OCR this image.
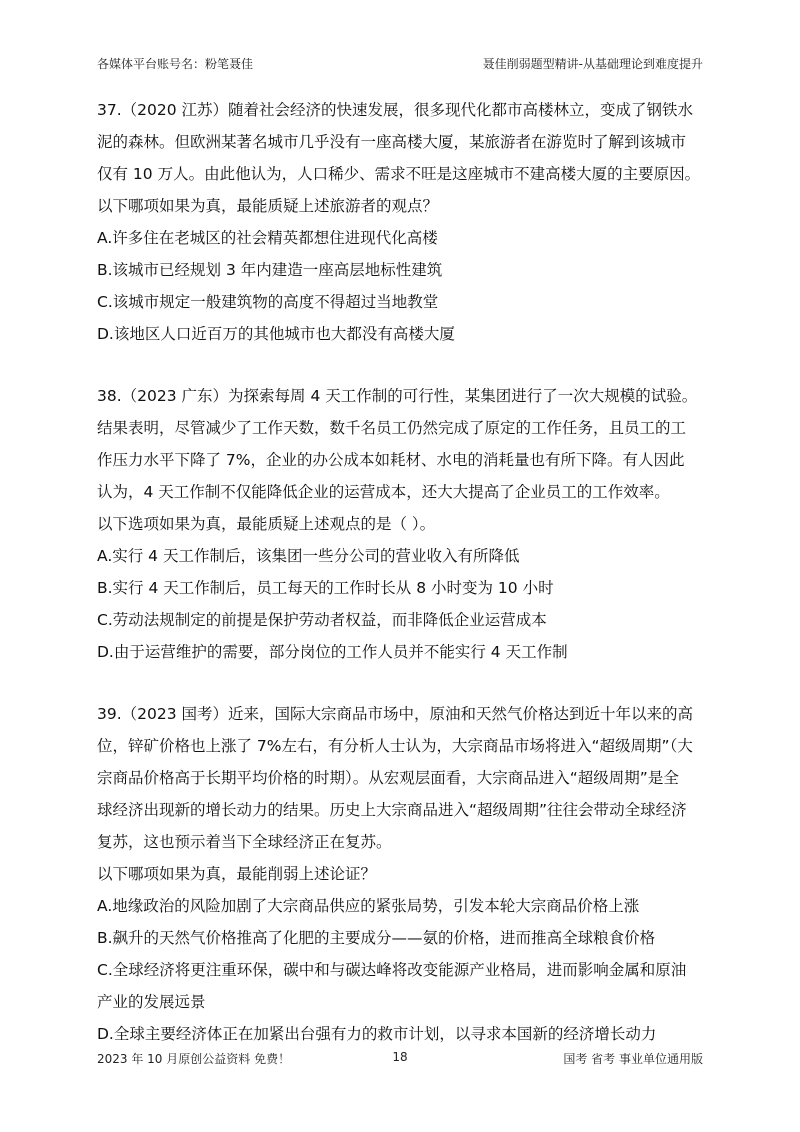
各媒体平台账号名：粉笔聂佳	聂佳削弱题型精讲-从基础理论到难度提升
37.（2020 江苏）随着社会经济的快速发展，很多现代化都市高楼林立，变成了钢铁水
泥的森林。但欧洲某著名城市几乎没有一座高楼大厦，某旅游者在游览时了解到该城市
仅有 10 万人。由此他认为，人口稀少、需求不旺是这座城市不建高楼大厦的主要原因。
以下哪项如果为真，最能质疑上述旅游者的观点？
A.许多住在老城区的社会精英都想住进现代化高楼
B.该城市已经规划 3 年内建造一座高层地标性建筑
C.该城市规定一般建筑物的高度不得超过当地教堂
D.该地区人口近百万的其他城市也大都没有高楼大厦
38.（2023 广东）为探索每周 4 天工作制的可行性，某集团进行了一次大规模的试验。
结果表明，尽管减少了工作天数，数千名员工仍然完成了原定的工作任务，且员工的工
作压力水平下降了 7%，企业的办公成本如耗材、水电的消耗量也有所下降。有人因此
认为，4 天工作制不仅能降低企业的运营成本，还大大提高了企业员工的工作效率。
以下选项如果为真，最能质疑上述观点的是（ ）。
A.实行 4 天工作制后，该集团一些分公司的营业收入有所降低
B.实行 4 天工作制后，员工每天的工作时长从 8 小时变为 10 小时
C.劳动法规制定的前提是保护劳动者权益，而非降低企业运营成本
D.由于运营维护的需要，部分岗位的工作人员并不能实行 4 天工作制
39.（2023 国考）近来，国际大宗商品市场中，原油和天然气价格达到近十年以来的高
位，锌矿价格也上涨了 7%左右，有分析人士认为，大宗商品市场将进入“超级周期”（大
宗商品价格高于长期平均价格的时期）。从宏观层面看，大宗商品进入“超级周期”是全
球经济出现新的增长动力的结果。历史上大宗商品进入“超级周期”往往会带动全球经济
复苏，这也预示着当下全球经济正在复苏。
以下哪项如果为真，最能削弱上述论证？
A.地缘政治的风险加剧了大宗商品供应的紧张局势，引发本轮大宗商品价格上涨
B.飙升的天然气价格推高了化肥的主要成分——氨的价格，进而推高全球粮食价格
C.全球经济将更注重环保，碳中和与碳达峰将改变能源产业格局，进而影响金属和原油
产业的发展远景
D.全球主要经济体正在加紧出台强有力的救市计划，以寻求本国新的经济增长动力
2023 年 10 月原创公益资料 免费！	18	国考 省考 事业单位通用版
